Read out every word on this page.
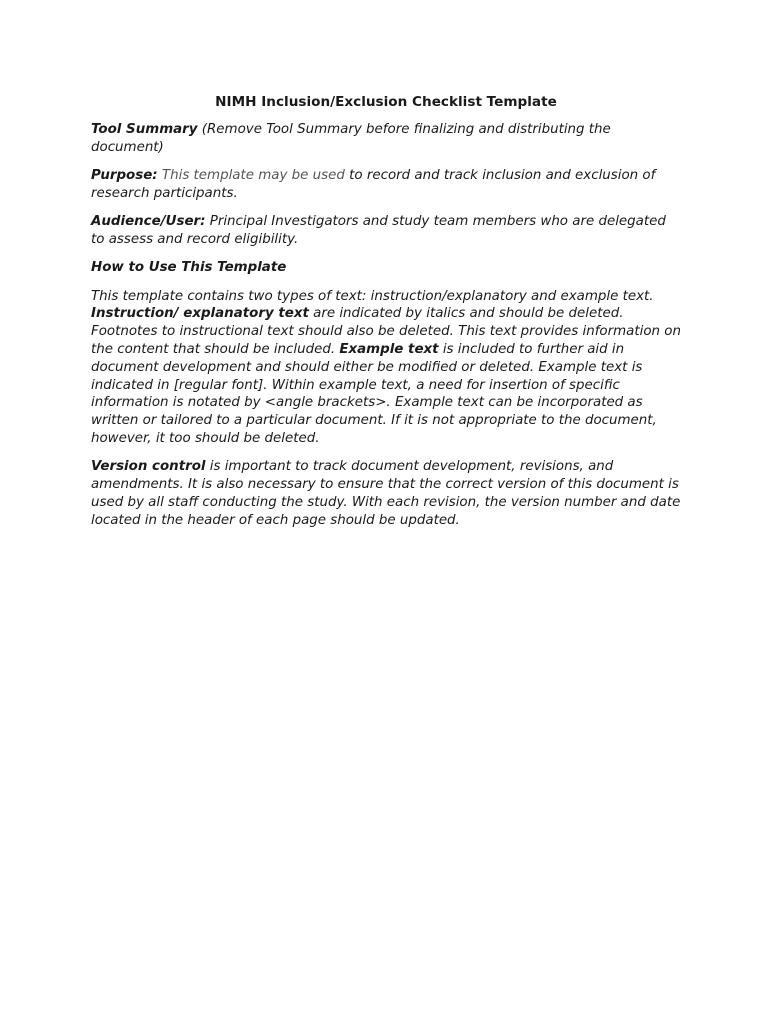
NIMH Inclusion/Exclusion Checklist Template

Tool Summary (Remove Tool Summary before finalizing and distributing the document)

Purpose: This template may be used to record and track inclusion and exclusion of research participants.

Audience/User: Principal Investigators and study team members who are delegated to assess and record eligibility.

How to Use This Template

This template contains two types of text: instruction/explanatory and example text. Instruction/ explanatory text are indicated by italics and should be deleted. Footnotes to instructional text should also be deleted. This text provides information on the content that should be included. Example text is included to further aid in document development and should either be modified or deleted. Example text is indicated in [regular font]. Within example text, a need for insertion of specific information is notated by <angle brackets>. Example text can be incorporated as written or tailored to a particular document. If it is not appropriate to the document, however, it too should be deleted.

Version control is important to track document development, revisions, and amendments. It is also necessary to ensure that the correct version of this document is used by all staff conducting the study. With each revision, the version number and date located in the header of each page should be updated.
